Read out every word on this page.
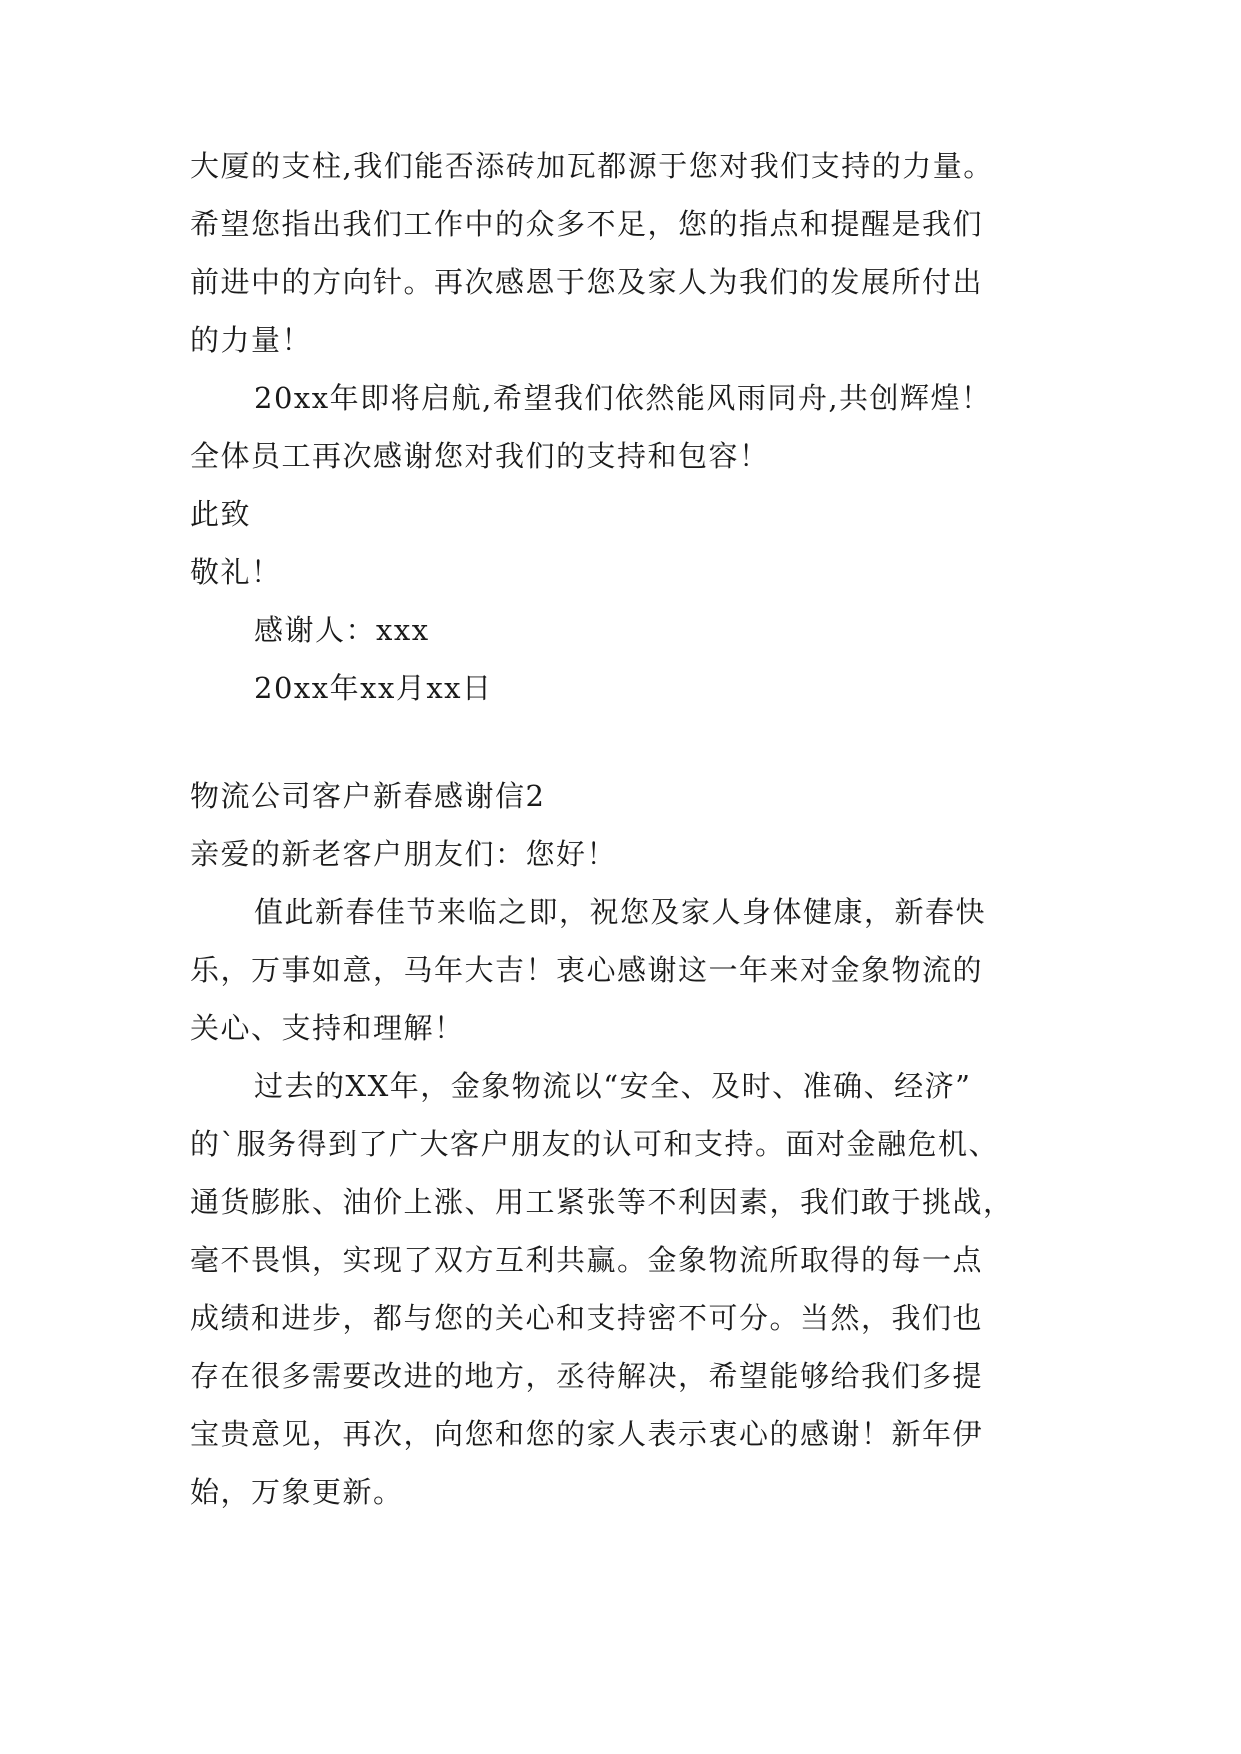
大厦的支柱,我们能否添砖加瓦都源于您对我们支持的力量。
希望您指出我们工作中的众多不足，您的指点和提醒是我们
前进中的方向针。再次感恩于您及家人为我们的发展所付出
的力量！
20xx年即将启航,希望我们依然能风雨同舟,共创辉煌！
全体员工再次感谢您对我们的支持和包容！
此致
敬礼！
感谢人：xxx
20xx年xx月xx日
物流公司客户新春感谢信2
亲爱的新老客户朋友们：您好！
值此新春佳节来临之即，祝您及家人身体健康，新春快
乐，万事如意，马年大吉！衷心感谢这一年来对金象物流的
关心、支持和理解！
过去的XX年，金象物流以“安全、及时、准确、经济”
的`服务得到了广大客户朋友的认可和支持。面对金融危机、
通货膨胀、油价上涨、用工紧张等不利因素，我们敢于挑战，
毫不畏惧，实现了双方互利共赢。金象物流所取得的每一点
成绩和进步，都与您的关心和支持密不可分。当然，我们也
存在很多需要改进的地方，丞待解决，希望能够给我们多提
宝贵意见，再次，向您和您的家人表示衷心的感谢！新年伊
始，万象更新。
